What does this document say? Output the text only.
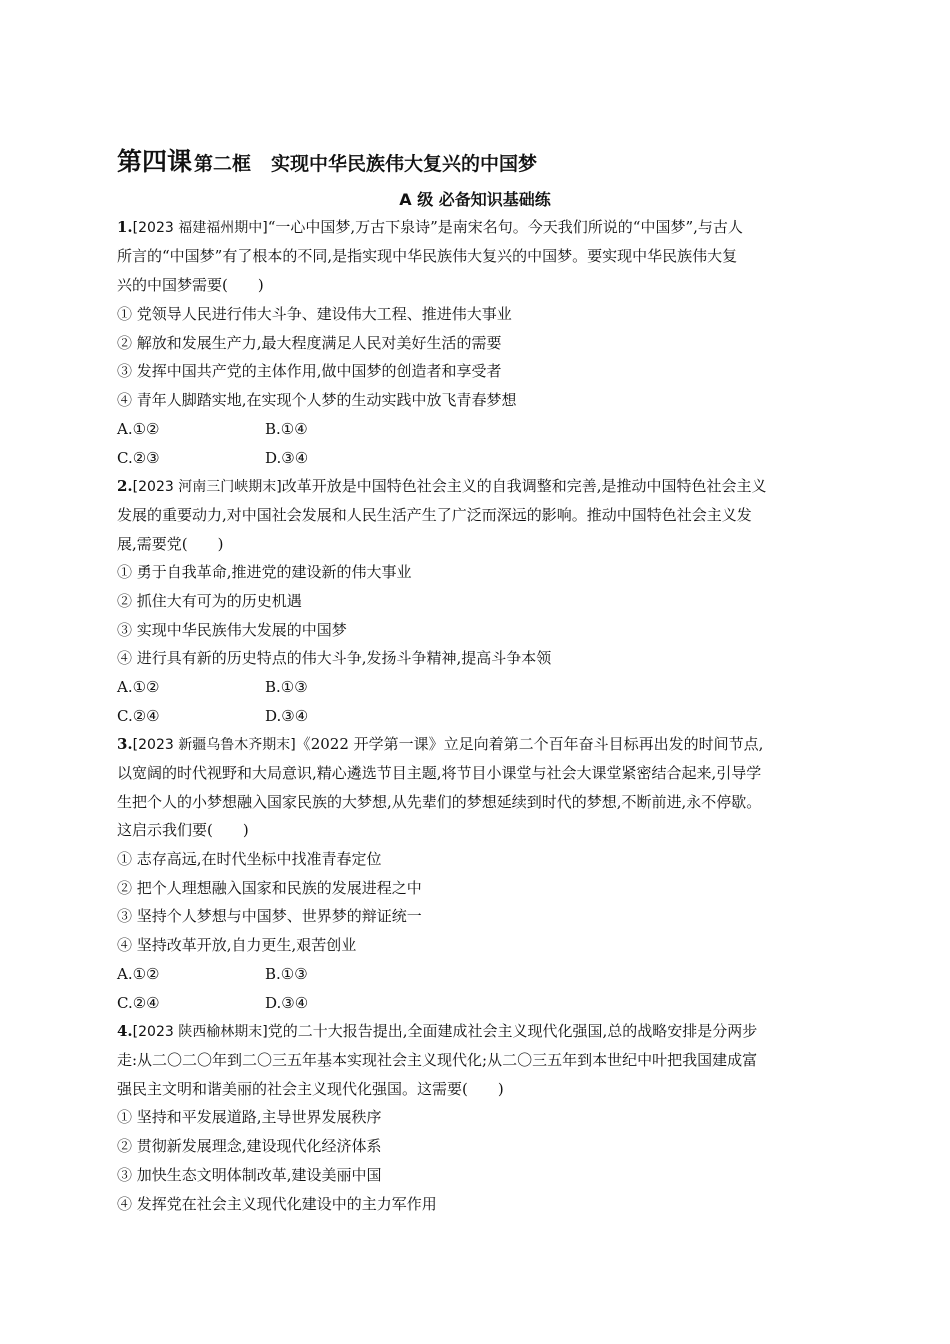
第四课 第二框 实现中华民族伟大复兴的中国梦
A 级 必备知识基础练
1.[2023 福建福州期中]“一心中国梦,万古下泉诗”是南宋名句。今天我们所说的“中国梦”,与古人
所言的“中国梦”有了根本的不同,是指实现中华民族伟大复兴的中国梦。要实现中华民族伟大复
兴的中国梦需要(　　)
① 党领导人民进行伟大斗争、建设伟大工程、推进伟大事业
② 解放和发展生产力,最大程度满足人民对美好生活的需要
③ 发挥中国共产党的主体作用,做中国梦的创造者和享受者
④ 青年人脚踏实地,在实现个人梦的生动实践中放飞青春梦想
A.①②	B.①④
C.②③	D.③④
2.[2023 河南三门峡期末]改革开放是中国特色社会主义的自我调整和完善,是推动中国特色社会主义
发展的重要动力,对中国社会发展和人民生活产生了广泛而深远的影响。推动中国特色社会主义发
展,需要党(　　)
① 勇于自我革命,推进党的建设新的伟大事业
② 抓住大有可为的历史机遇
③ 实现中华民族伟大发展的中国梦
④ 进行具有新的历史特点的伟大斗争,发扬斗争精神,提高斗争本领
A.①②	B.①③
C.②④	D.③④
3.[2023 新疆乌鲁木齐期末]《2022 开学第一课》立足向着第二个百年奋斗目标再出发的时间节点,
以宽阔的时代视野和大局意识,精心遴选节目主题,将节目小课堂与社会大课堂紧密结合起来,引导学
生把个人的小梦想融入国家民族的大梦想,从先辈们的梦想延续到时代的梦想,不断前进,永不停歇。
这启示我们要(　　)
① 志存高远,在时代坐标中找准青春定位
② 把个人理想融入国家和民族的发展进程之中
③ 坚持个人梦想与中国梦、世界梦的辩证统一
④ 坚持改革开放,自力更生,艰苦创业
A.①②	B.①③
C.②④	D.③④
4.[2023 陕西榆林期末]党的二十大报告提出,全面建成社会主义现代化强国,总的战略安排是分两步
走:从二〇二〇年到二〇三五年基本实现社会主义现代化;从二〇三五年到本世纪中叶把我国建成富
强民主文明和谐美丽的社会主义现代化强国。这需要(　　)
① 坚持和平发展道路,主导世界发展秩序
② 贯彻新发展理念,建设现代化经济体系
③ 加快生态文明体制改革,建设美丽中国
④ 发挥党在社会主义现代化建设中的主力军作用
